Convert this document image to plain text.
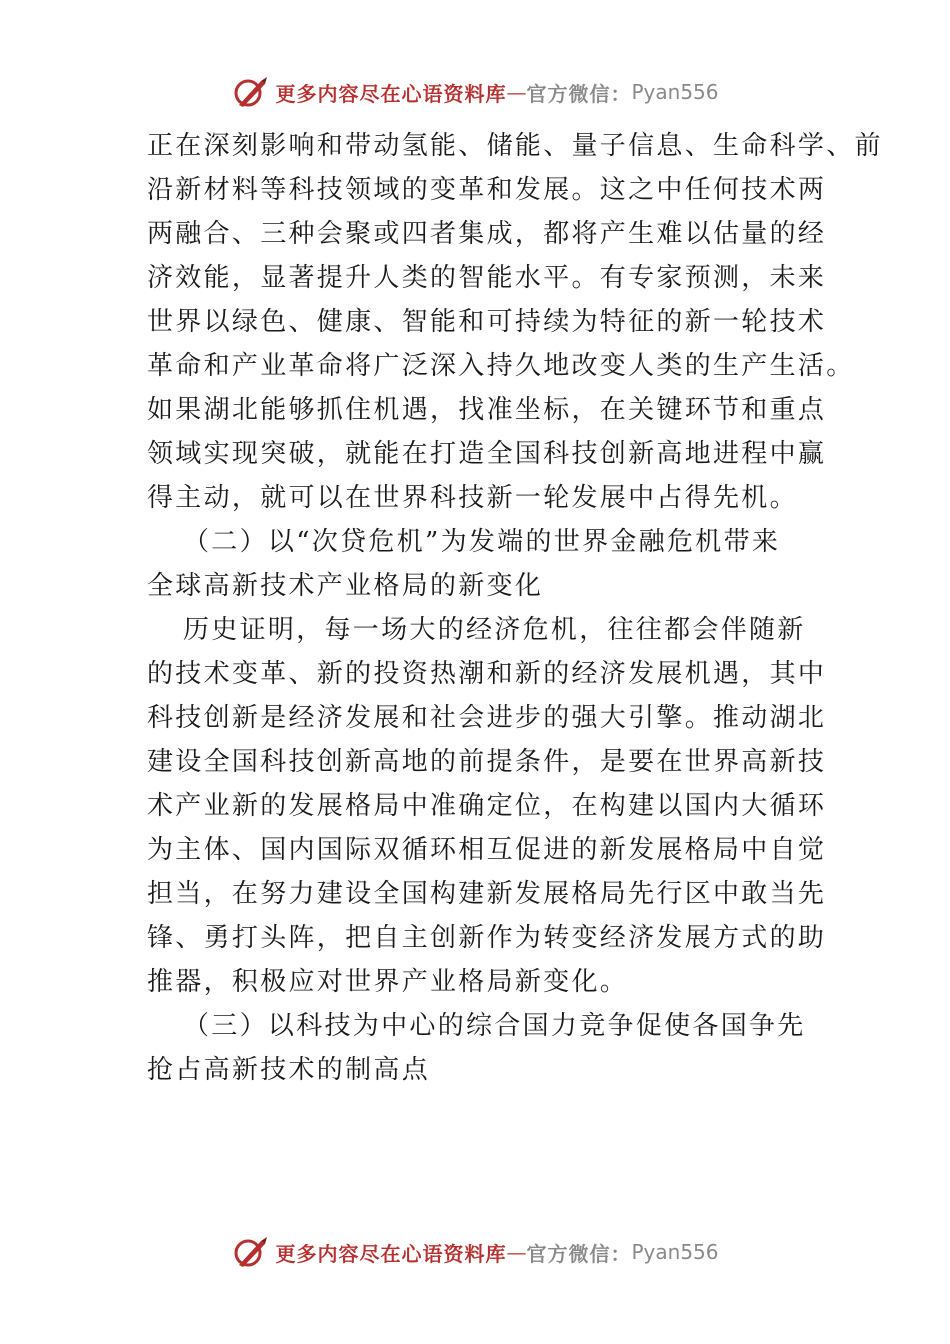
更多内容尽在心语资料库 — 官方微信： Pyan556
正在深刻影响和带动氢能、储能、量子信息、生命科学、前
沿新材料等科技领域的变革和发展。这之中任何技术两
两融合、三种会聚或四者集成，都将产生难以估量的经
济效能，显著提升人类的智能水平。有专家预测，未来
世界以绿色、健康、智能和可持续为特征的新一轮技术
革命和产业革命将广泛深入持久地改变人类的生产生活。
如果湖北能够抓住机遇，找准坐标，在关键环节和重点
领域实现突破，就能在打造全国科技创新高地进程中赢
得主动，就可以在世界科技新一轮发展中占得先机。
（二）以“次贷危机”为发端的世界金融危机带来
全球高新技术产业格局的新变化
历史证明，每一场大的经济危机，往往都会伴随新
的技术变革、新的投资热潮和新的经济发展机遇，其中
科技创新是经济发展和社会进步的强大引擎。推动湖北
建设全国科技创新高地的前提条件，是要在世界高新技
术产业新的发展格局中准确定位，在构建以国内大循环
为主体、国内国际双循环相互促进的新发展格局中自觉
担当，在努力建设全国构建新发展格局先行区中敢当先
锋、勇打头阵，把自主创新作为转变经济发展方式的助
推器，积极应对世界产业格局新变化。
（三）以科技为中心的综合国力竞争促使各国争先
抢占高新技术的制高点
更多内容尽在心语资料库 — 官方微信： Pyan556
